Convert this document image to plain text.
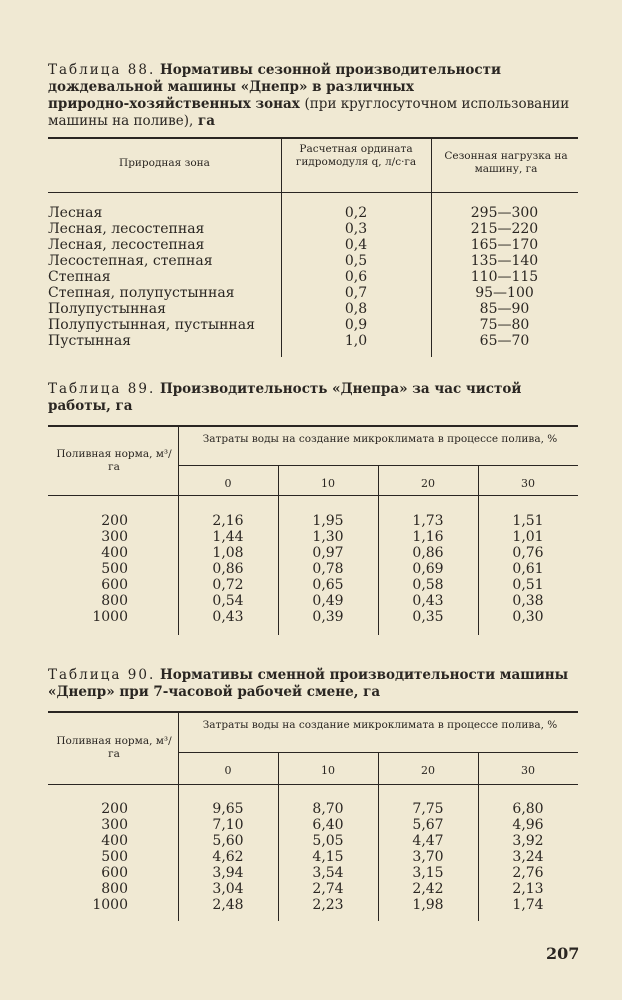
Таблица 88. Нормативы сезонной производительности дождевальной машины «Днепр» в различных
природно-хозяйственных зонах (при круглосуточном использовании машины на поливе), га
Природная зона
Расчетная ордината гидромодуля q, л/с·га	Сезонная нагрузка на машину, га
Лесная	0,2	295—300
Лесная, лесостепная	0,3	215—220
Лесная, лесостепная	0,4	165—170
Лесостепная, степная	0,5	135—140
Степная	0,6	110—115
Степная, полупустынная	0,7	95—100
Полупустынная	0,8	85—90
Полупустынная, пустынная	0,9	75—80
Пустынная	1,0	65—70
Таблица 89. Производительность «Днепра» за час чистой работы, га
Поливная норма, м³/га
Затраты воды на создание микроклимата в процессе полива, %
0	10	20	30
200	2,16	1,95	1,73	1,51
300	1,44	1,30	1,16	1,01
400	1,08	0,97	0,86	0,76
500	0,86	0,78	0,69	0,61
600	0,72	0,65	0,58	0,51
800	0,54	0,49	0,43	0,38
1000	0,43	0,39	0,35	0,30
Таблица 90. Нормативы сменной производительности машины «Днепр» при 7-часовой рабочей смене, га
Поливная норма, м³/га
Затраты воды на создание микроклимата в процессе полива, %
0	10	20	30
200	9,65	8,70	7,75	6,80
300	7,10	6,40	5,67	4,96
400	5,60	5,05	4,47	3,92
500	4,62	4,15	3,70	3,24
600	3,94	3,54	3,15	2,76
800	3,04	2,74	2,42	2,13
1000	2,48	2,23	1,98	1,74
207
